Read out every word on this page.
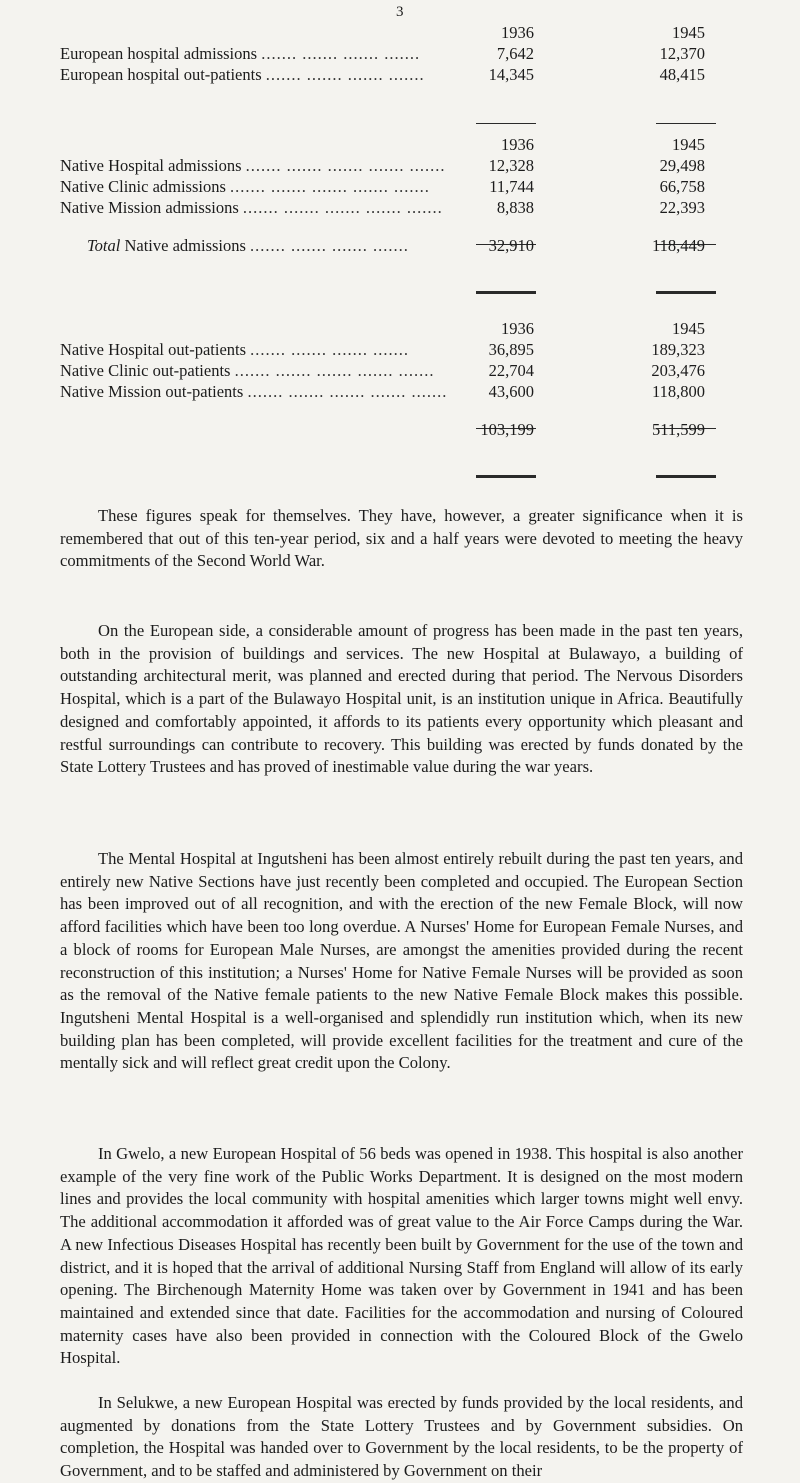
3
1936	1945
European hospital admissions ....... ....... ....... .......	7,642	12,370
European hospital out-patients ....... ....... ....... .......	14,345	48,415
1936	1945
Native Hospital admissions ....... ....... ....... ....... .......	12,328	29,498
Native Clinic admissions ....... ....... ....... ....... .......	11,744	66,758
Native Mission admissions ....... ....... ....... ....... .......	8,838	22,393
Total Native admissions ....... ....... ....... .......	32,910	118,449
1936	1945
Native Hospital out-patients ....... ....... ....... .......	36,895	189,323
Native Clinic out-patients ....... ....... ....... ....... .......	22,704	203,476
Native Mission out-patients ....... ....... ....... ....... .......	43,600	118,800
103,199	511,599

These figures speak for themselves. They have, however, a greater significance when it is remembered that out of this ten-year period, six and a half years were devoted to meeting the heavy commitments of the Second World War.

On the European side, a considerable amount of progress has been made in the past ten years, both in the provision of buildings and services. The new Hospital at Bulawayo, a building of outstanding architectural merit, was planned and erected during that period. The Nervous Disorders Hospital, which is a part of the Bulawayo Hospital unit, is an institution unique in Africa. Beautifully designed and comfortably appointed, it affords to its patients every opportunity which pleasant and restful surroundings can contribute to recovery. This building was erected by funds donated by the State Lottery Trustees and has proved of inestimable value during the war years.

The Mental Hospital at Ingutsheni has been almost entirely rebuilt during the past ten years, and entirely new Native Sections have just recently been completed and occupied. The European Section has been improved out of all recognition, and with the erection of the new Female Block, will now afford facilities which have been too long overdue. A Nurses' Home for European Female Nurses, and a block of rooms for European Male Nurses, are amongst the amenities provided during the recent reconstruction of this institution; a Nurses' Home for Native Female Nurses will be provided as soon as the removal of the Native female patients to the new Native Female Block makes this possible. Ingutsheni Mental Hospital is a well-organised and splendidly run institution which, when its new building plan has been completed, will provide excellent facilities for the treatment and cure of the mentally sick and will reflect great credit upon the Colony.

In Gwelo, a new European Hospital of 56 beds was opened in 1938. This hospital is also another example of the very fine work of the Public Works Department. It is designed on the most modern lines and provides the local community with hospital amenities which larger towns might well envy. The additional accommodation it afforded was of great value to the Air Force Camps during the War. A new Infectious Diseases Hospital has recently been built by Government for the use of the town and district, and it is hoped that the arrival of additional Nursing Staff from England will allow of its early opening. The Birchenough Maternity Home was taken over by Government in 1941 and has been maintained and extended since that date. Facilities for the accommodation and nursing of Coloured maternity cases have also been provided in connection with the Coloured Block of the Gwelo Hospital.

In Selukwe, a new European Hospital was erected by funds provided by the local residents, and augmented by donations from the State Lottery Trustees and by Government subsidies. On completion, the Hospital was handed over to Government by the local residents, to be the property of Government, and to be staffed and administered by Government on their
